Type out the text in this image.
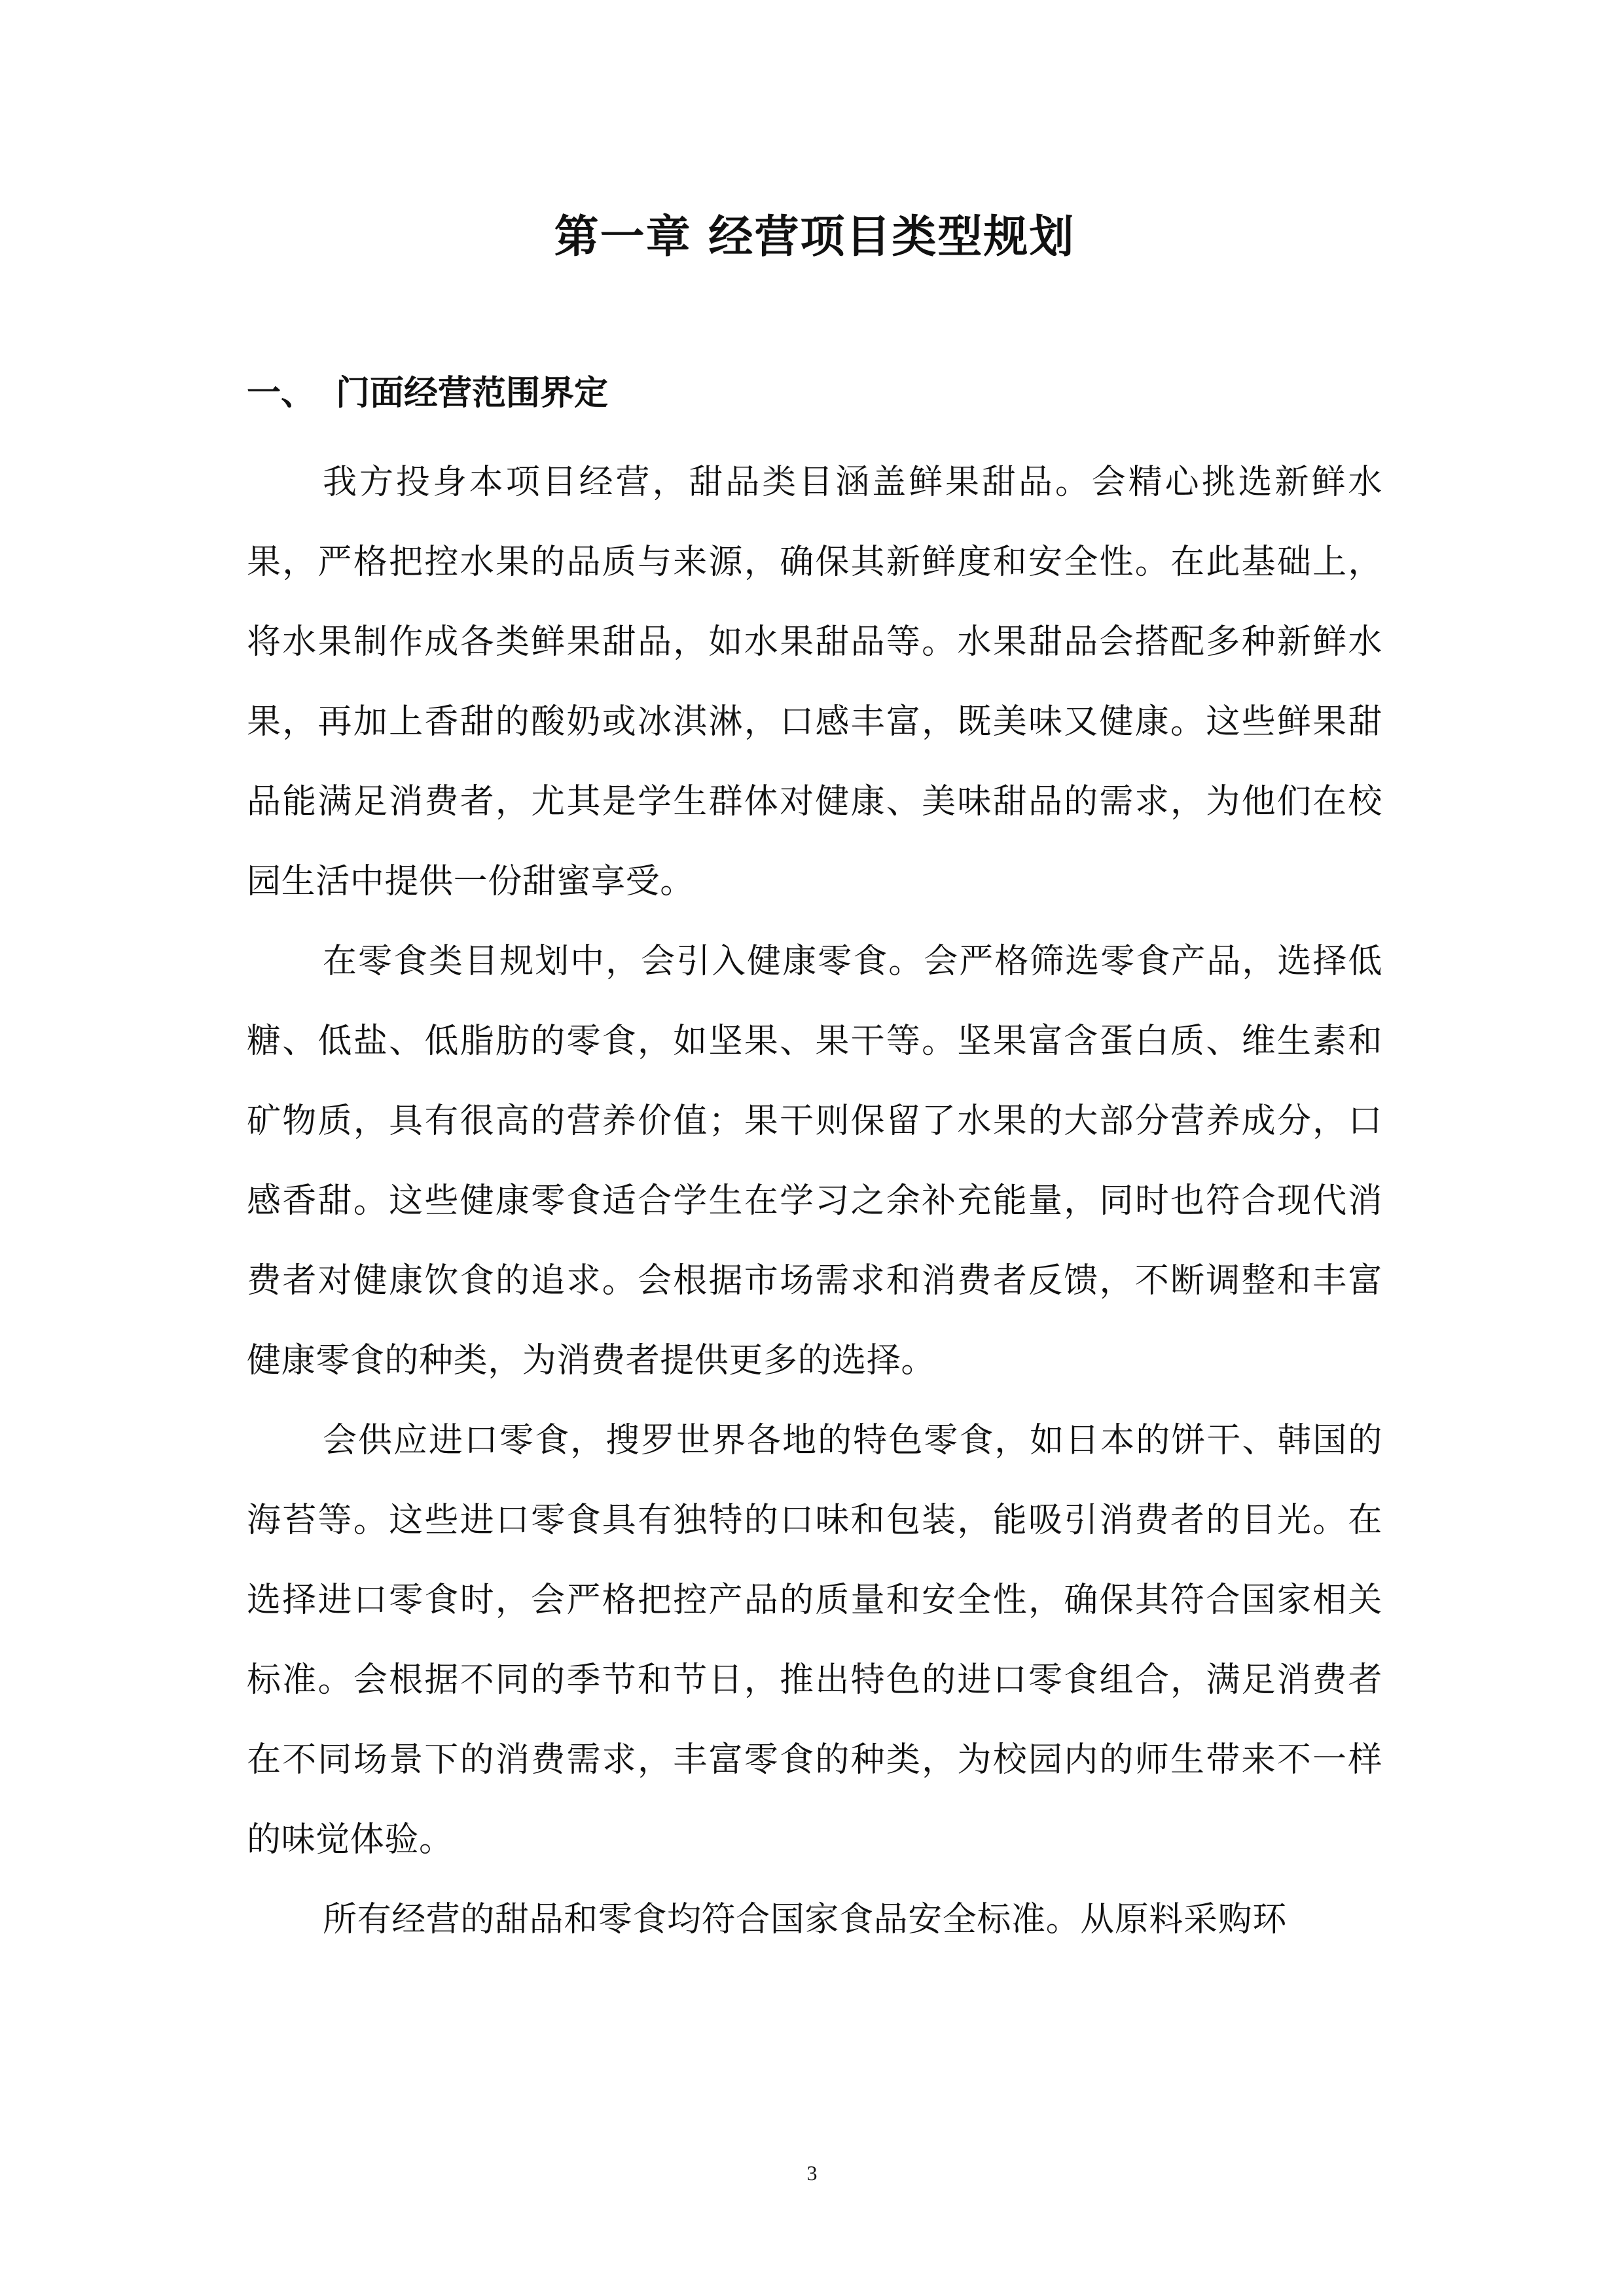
第一章 经营项目类型规划
一、 门面经营范围界定

我方投身本项目经营，甜品类目涵盖鲜果甜品。会精心挑选新鲜水果，严格把控水果的品质与来源，确保其新鲜度和安全性。在此基础上，将水果制作成各类鲜果甜品，如水果甜品等。水果甜品会搭配多种新鲜水果，再加上香甜的酸奶或冰淇淋，口感丰富，既美味又健康。这些鲜果甜品能满足消费者，尤其是学生群体对健康、美味甜品的需求，为他们在校园生活中提供一份甜蜜享受。

在零食类目规划中，会引入健康零食。会严格筛选零食产品，选择低糖、低盐、低脂肪的零食，如坚果、果干等。坚果富含蛋白质、维生素和矿物质，具有很高的营养价值；果干则保留了水果的大部分营养成分，口感香甜。这些健康零食适合学生在学习之余补充能量，同时也符合现代消费者对健康饮食的追求。会根据市场需求和消费者反馈，不断调整和丰富健康零食的种类，为消费者提供更多的选择。

会供应进口零食，搜罗世界各地的特色零食，如日本的饼干、韩国的海苔等。这些进口零食具有独特的口味和包装，能吸引消费者的目光。在选择进口零食时，会严格把控产品的质量和安全性，确保其符合国家相关标准。会根据不同的季节和节日，推出特色的进口零食组合，满足消费者在不同场景下的消费需求，丰富零食的种类，为校园内的师生带来不一样的味觉体验。

所有经营的甜品和零食均符合国家食品安全标准。从原料采购环

3
